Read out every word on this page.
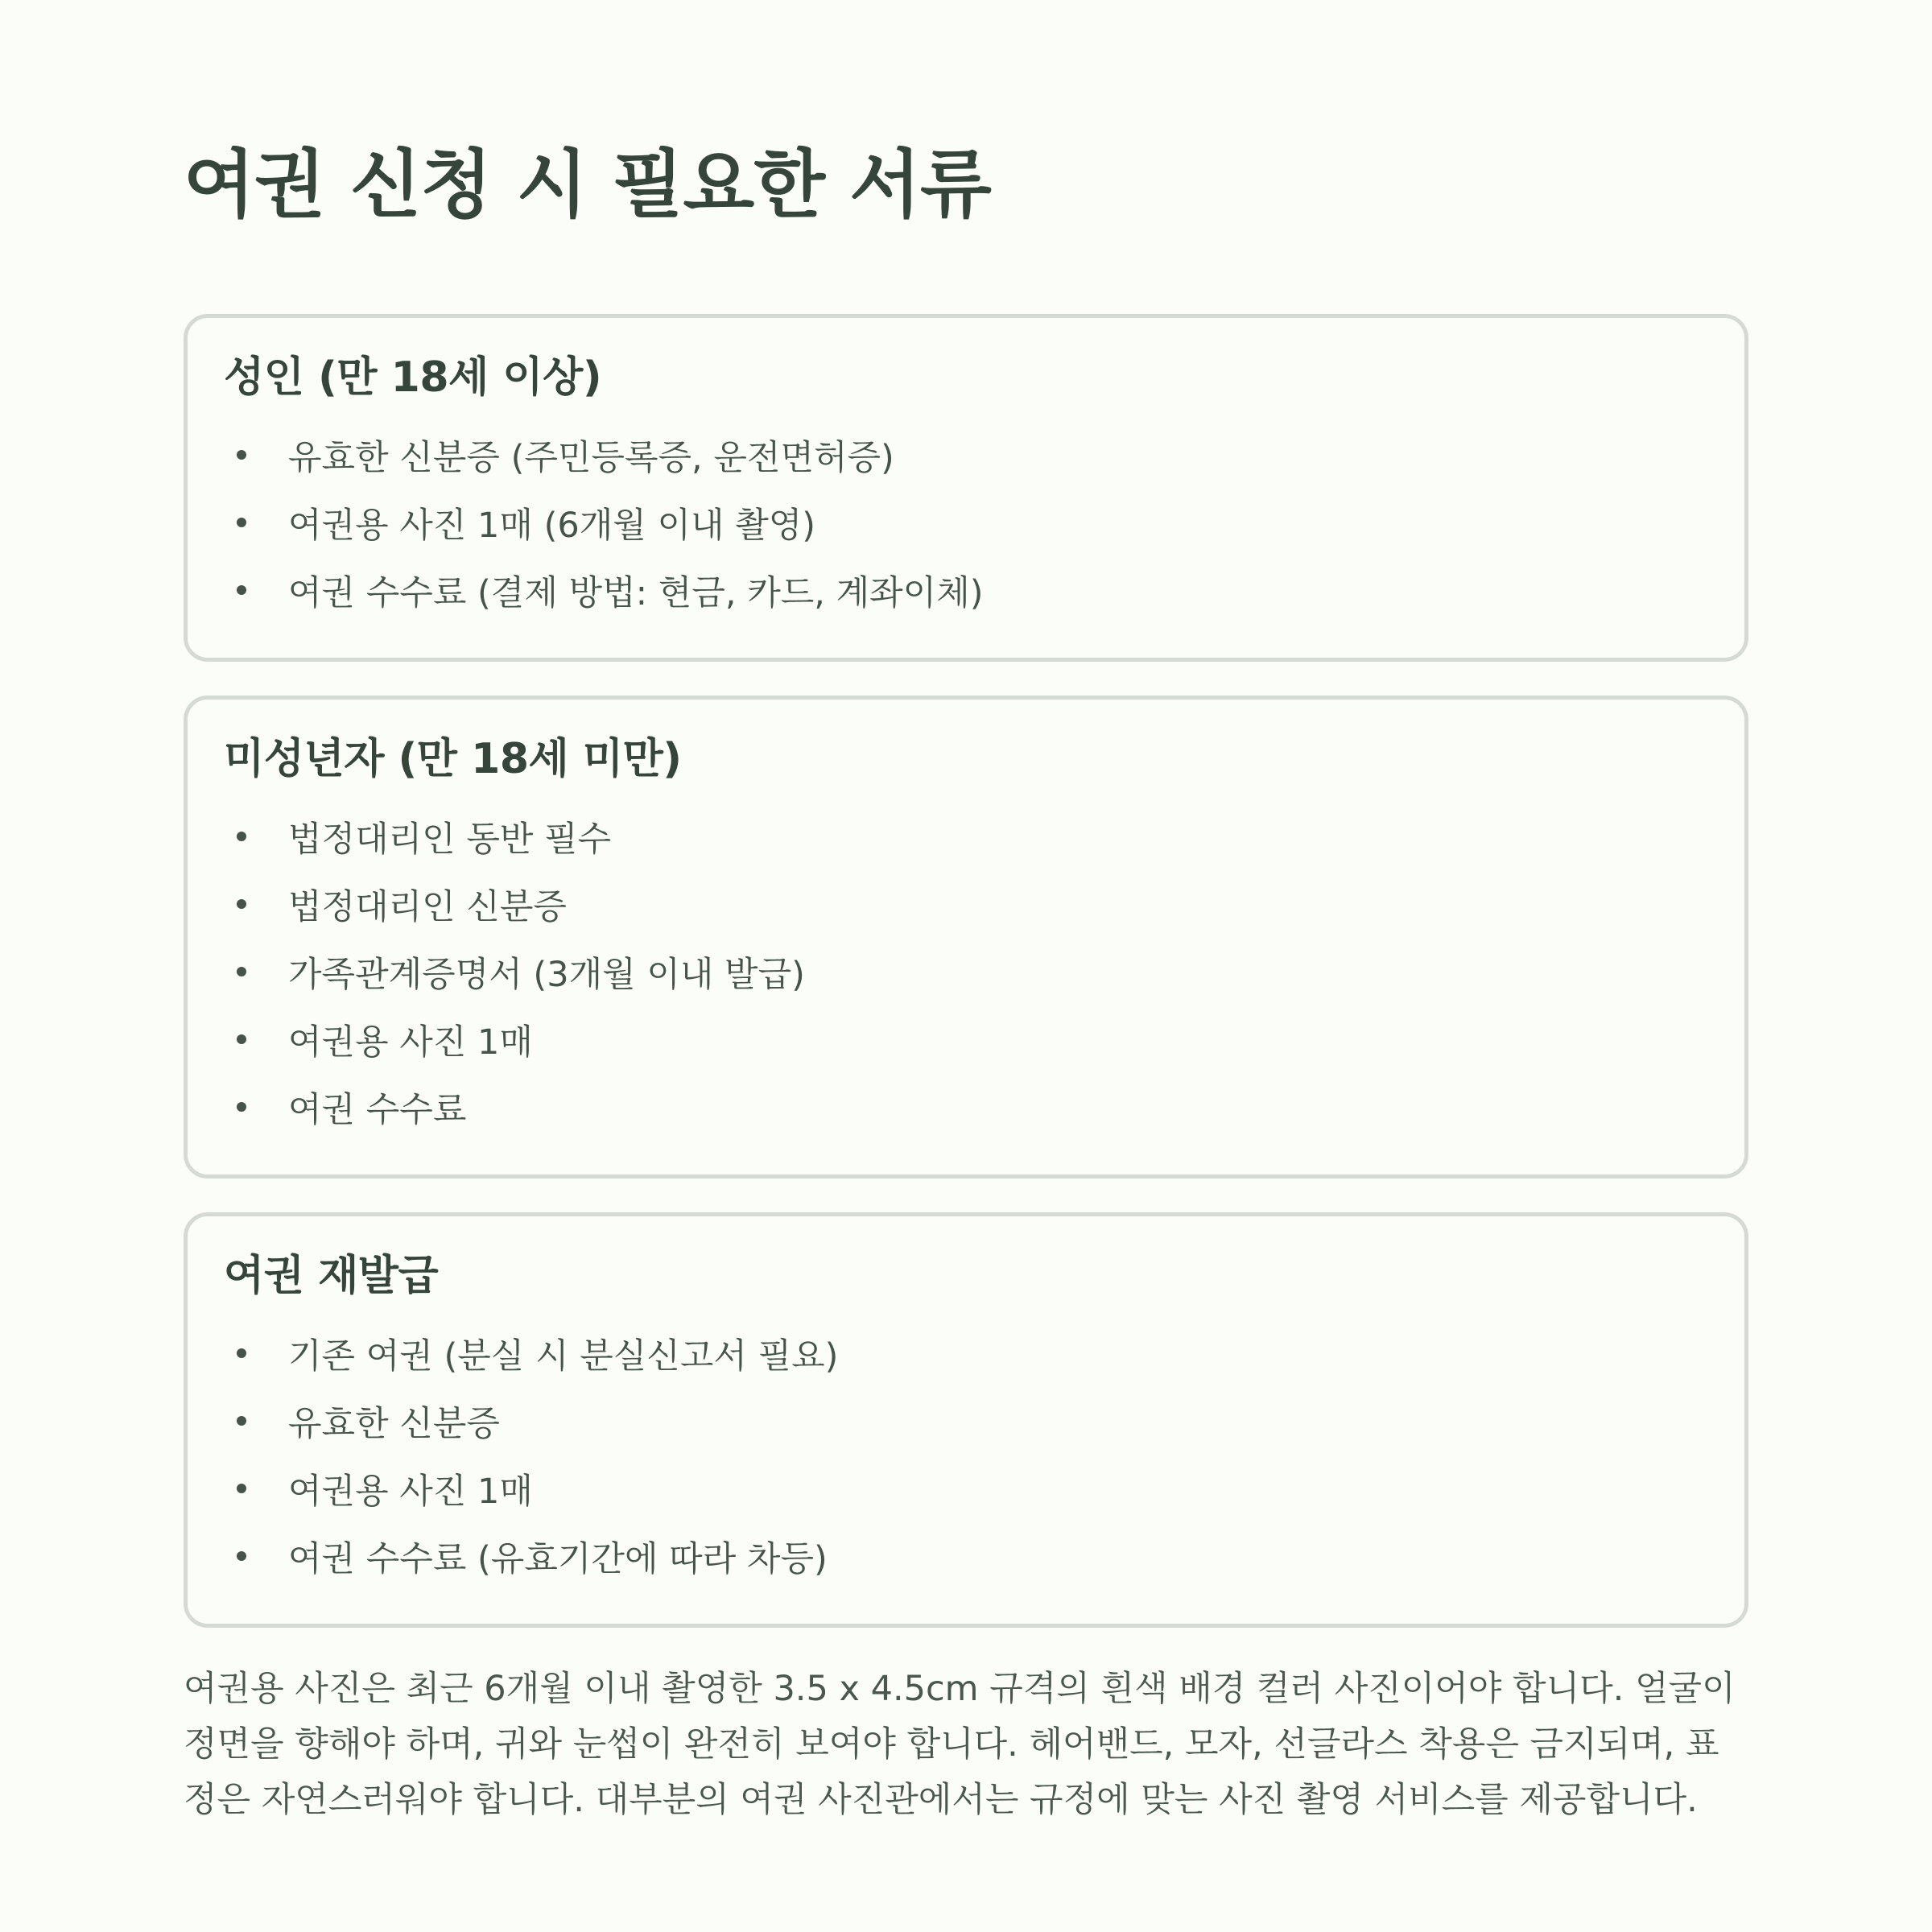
여권 신청 시 필요한 서류
성인 (만 18세 이상)
유효한 신분증 (주민등록증, 운전면허증)
여권용 사진 1매 (6개월 이내 촬영)
여권 수수료 (결제 방법: 현금, 카드, 계좌이체)
미성년자 (만 18세 미만)
법정대리인 동반 필수
법정대리인 신분증
가족관계증명서 (3개월 이내 발급)
여권용 사진 1매
여권 수수료
여권 재발급
기존 여권 (분실 시 분실신고서 필요)
유효한 신분증
여권용 사진 1매
여권 수수료 (유효기간에 따라 차등)

여권용 사진은 최근 6개월 이내 촬영한 3.5 x 4.5cm 규격의 흰색 배경 컬러 사진이어야 합니다. 얼굴이 정면을 향해야 하며, 귀와 눈썹이 완전히 보여야 합니다. 헤어밴드, 모자, 선글라스 착용은 금지되며, 표정은 자연스러워야 합니다. 대부분의 여권 사진관에서는 규정에 맞는 사진 촬영 서비스를 제공합니다.
